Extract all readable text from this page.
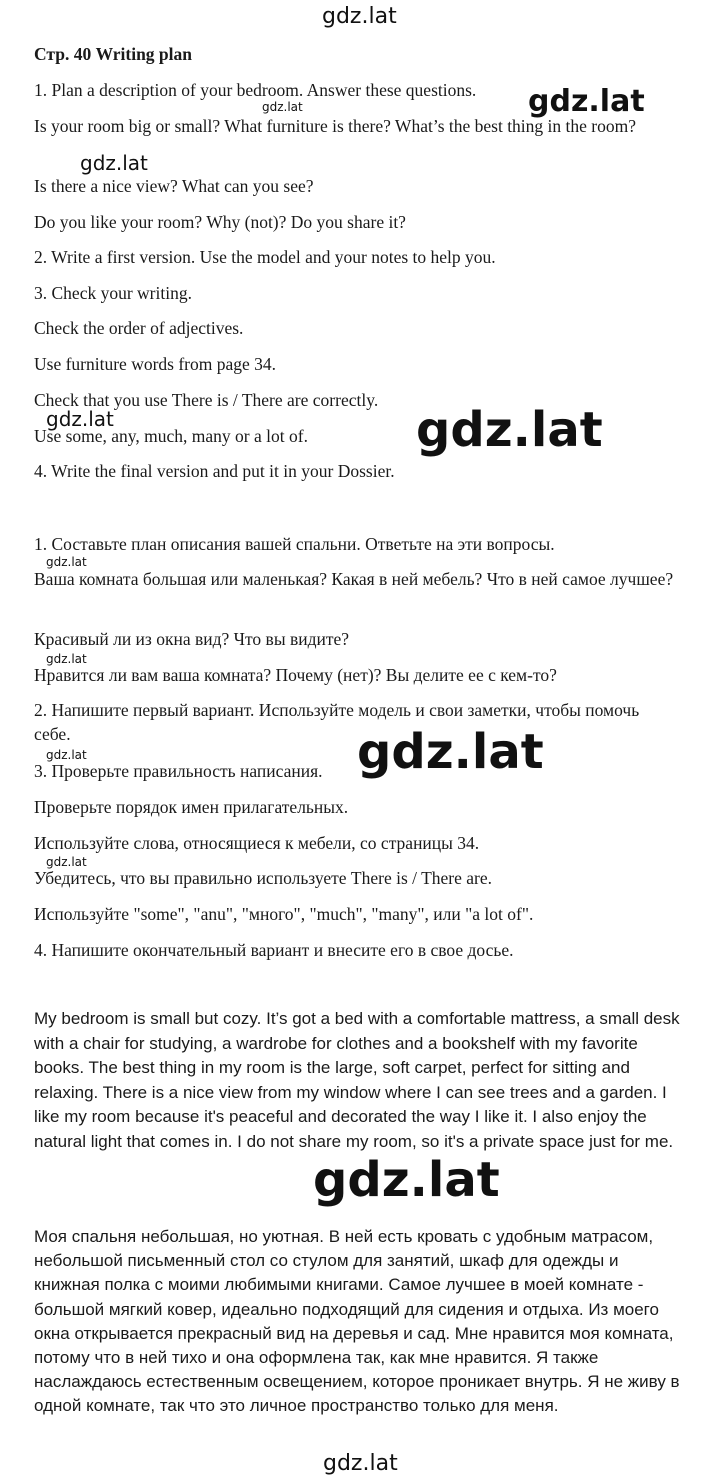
gdz.lat
Стр. 40 Writing plan
1. Plan a description of your bedroom. Answer these questions.
Is your room big or small? What furniture is there? What’s the best thing in the room?
Is there a nice view? What can you see?
Do you like your room? Why (not)? Do you share it?
2. Write a first version. Use the model and your notes to help you.
3. Check your writing.
Check the order of adjectives.
Use furniture words from page 34.
Check that you use There is / There are correctly.
Use some, any, much, many or a lot of.
4. Write the final version and put it in your Dossier.
1. Составьте план описания вашей спальни. Ответьте на эти вопросы.
Ваша комната большая или маленькая? Какая в ней мебель? Что в ней самое лучшее?
Красивый ли из окна вид? Что вы видите?
Нравится ли вам ваша комната? Почему (нет)? Вы делите ее с кем-то?
2. Напишите первый вариант. Используйте модель и свои заметки, чтобы помочь себе.
3. Проверьте правильность написания.
Проверьте порядок имен прилагательных.
Используйте слова, относящиеся к мебели, со страницы 34.
Убедитесь, что вы правильно используете There is / There are.
Используйте "some", "anu", "много", "much", "many", или "a lot of".
4. Напишите окончательный вариант и внесите его в свое досье.
My bedroom is small but cozy. It’s got a bed with a comfortable mattress, a small desk with a chair for studying, a wardrobe for clothes and a bookshelf with my favorite books. The best thing in my room is the large, soft carpet, perfect for sitting and relaxing. There is a nice view from my window where I can see trees and a garden. I like my room because it's peaceful and decorated the way I like it. I also enjoy the natural light that comes in. I do not share my room, so it's a private space just for me.
Моя спальня небольшая, но уютная. В ней есть кровать с удобным матрасом, небольшой письменный стол со стулом для занятий, шкаф для одежды и книжная полка с моими любимыми книгами. Самое лучшее в моей комнате - большой мягкий ковер, идеально подходящий для сидения и отдыха. Из моего окна открывается прекрасный вид на деревья и сад. Мне нравится моя комната, потому что в ней тихо и она оформлена так, как мне нравится. Я также наслаждаюсь естественным освещением, которое проникает внутрь. Я не живу в одной комнате, так что это личное пространство только для меня.
gdz.lat
gdz.lat
gdz.lat
gdz.lat	gdz.lat
gdz.lat
gdz.lat
gdz.lat
gdz.lat
gdz.lat
gdz.lat
gdz.lat
